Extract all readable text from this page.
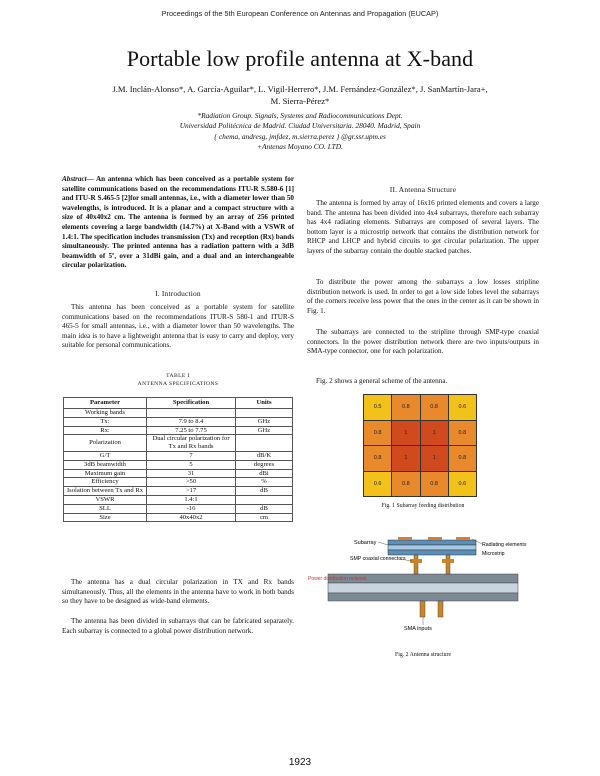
Proceedings of the 5th European Conference on Antennas and Propagation (EUCAP)
Portable low profile antenna at X-band
J.M. Inclán-Alonso*, A. García-Aguilar*, L. Vigil-Herrero*, J.M. Fernández-González*, J. SanMartín-Jara+,
M. Sierra-Pérez*
*Radiation Group. Signals, Systems and Radiocommunications Dept.
Universidad Politécnica de Madrid. Ciudad Universitaria. 28040. Madrid, Spain
{ chema, andresg, jmfdez, m.sierra.perez } @gr.ssr.upm.es
+Antenas Moyano CO. LTD.
Abstract— An antenna which has been conceived as a portable system for satellite communications based on the recommendations ITU-R S.580-6 [1] and ITU-R S.465-5 [2]for small antennas, i.e., with a diameter lower than 50 wavelengths, is introduced. It is a planar and a compact structure with a size of 40x40x2 cm. The antenna is formed by an array of 256 printed elements covering a large bandwidth (14.7%) at X-Band with a VSWR of 1.4:1. The specification includes transmission (Tx) and reception (Rx) bands simultaneously. The printed antenna has a radiation pattern with a 3dB beamwidth of 5º, over a 31dBi gain, and a dual and an interchangeable circular polarization.
I. Introduction

This antenna has been conceived as a portable system for satellite communications based on the recommendations ITUR-S 580-1 and ITUR-S 465-5 for small antennas, i.e., with a diameter lower than 50 wavelengths. The main idea is to have a lightweight antenna that is easy to carry and deploy, very suitable for personal communications.

TABLE I
ANTENNA SPECIFICATIONS
Parameter	Specification	Units
Working bands		
Tx:	7.9 to 8.4	GHz
Rx:	7.25 to 7.75	GHz
Polarization	Dual circular polarization for Tx and Rx bands	
G/T	7	dB/K
3dB beamwidth	5	degrees
Maximum gain	31	dBi
Efficiency	>50	%
Isolation between Tx and Rx	>17	dB
VSWR	1.4:1	
SLL	-16	dB
Size	40x40x2	cm

The antenna has a dual circular polarization in TX and Rx bands simultaneously. Thus, all the elements in the antenna have to work in both bands so they have to be designed as wide-band elements.

The antenna has been divided in subarrays that can be fabricated separately. Each subarray is connected to a global power distribution network.

II. Antenna Structure

The antenna is formed by array of 16x16 printed elements and covers a large band. The antenna has been divided into 4x4 subarrays, therefore each subarray has 4x4 radiating elements. Subarrays are composed of several layers. The bottom layer is a microstrip network that contains the distribution network for RHCP and LHCP and hybrid circuits to get circular polarization. The upper layers of the subarray contain the double stacked patches.

To distribute the power among the subarrays a low losses stripline distribution network is used. In order to get a low side lobes level the subarrays of the corners receive less power that the ones in the center as it can be shown in Fig. 1.

The subarrays are connected to the stripline through SMP-type coaxial connectors. In the power distribution network there are two inputs/outputs in SMA-type connector, one for each polarization.

Fig. 2 shows a general scheme of the antenna.

0.5	0.8	0.8	0.6
0.8	1	1	0.8
0.8	1	1	0.8
0.6	0.8	0.8	0.6
Fig. 1 Subarray feeding distribution
Subarray
SMP coaxial connectors
Power distribution network
Radiating elements
Microstrip
SMA inputs
Fig. 2 Antenna structure
1923
